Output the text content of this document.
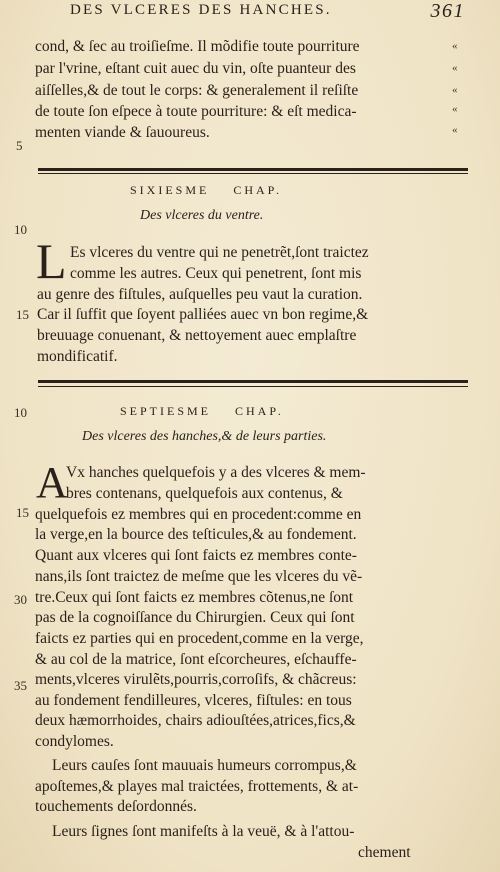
DES VLCERES DES HANCHES.	361
cond, & ſec au troiſieſme. Il mõdifie toute pourriture
par l'vrine, eſtant cuit auec du vin, oſte puanteur des
aiſſelles,& de tout le corps: & generalement il reſiſte
de toute ſon eſpece à toute pourriture: & eſt medica-
menten viande & ſauoureus.
«
«
«
«
«
5
SIXIESME CHAP.
Des vlceres du ventre.
10
L Es vlceres du ventre qui ne penetrẽt,ſont traictez
comme les autres. Ceux qui penetrent, ſont mis
au genre des fiſtules, auſquelles peu vaut la curation.
Car il ſuffit que ſoyent palliées auec vn bon regime,&
breuuage conuenant, & nettoyement auec emplaſtre
mondificatif.
15
SEPTIESME CHAP.
Des vlceres des hanches,& de leurs parties.
10
A
Vx hanches quelquefois y a des vlceres & mem-
bres contenans, quelquefois aux contenus, &
quelquefois ez membres qui en procedent:comme en
la verge,en la bource des teſticules,& au fondement.
Quant aux vlceres qui ſont faicts ez membres conte-
nans,ils ſont traictez de meſme que les vlceres du vẽ-
tre.Ceux qui ſont faicts ez membres cõtenus,ne ſont
pas de la cognoiſſance du Chirurgien. Ceux qui ſont
faicts ez parties qui en procedent,comme en la verge,
& au col de la matrice, ſont eſcorcheures, eſchauffe-
ments,vlceres virulẽts,pourris,corroſifs, & chãcreus:
au fondement fendilleures, vlceres, fiſtules: en tous
deux hæmorrhoides, chairs adiouſtées,atrices,fics,&
condylomes.
15
30
35
Leurs cauſes ſont mauuais humeurs corrompus,&
apoſtemes,& playes mal traictées, frottements, & at-
touchements deſordonnés.
Leurs ſignes ſont manifeſts à la veuë, & à l'attou-
chement
